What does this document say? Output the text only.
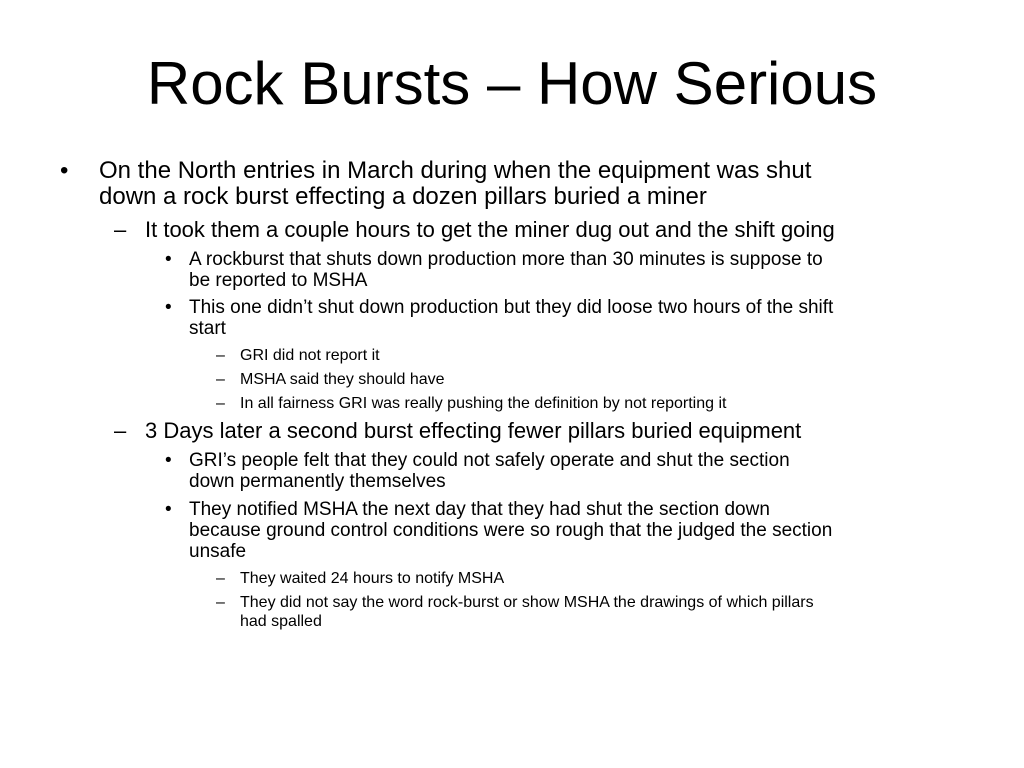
Rock Bursts – How Serious
• On the North entries in March during when the equipment was shut
down a rock burst effecting a dozen pillars buried a miner
– It took them a couple hours to get the miner dug out and the shift going
• A rockburst that shuts down production more than 30 minutes is suppose to
be reported to MSHA
• This one didn’t shut down production but they did loose two hours of the shift
start
– GRI did not report it
– MSHA said they should have
– In all fairness GRI was really pushing the definition by not reporting it
– 3 Days later a second burst effecting fewer pillars buried equipment
• GRI’s people felt that they could not safely operate and shut the section
down permanently themselves
• They notified MSHA the next day that they had shut the section down
because ground control conditions were so rough that the judged the section
unsafe
– They waited 24 hours to notify MSHA
– They did not say the word rock-burst or show MSHA the drawings of which pillars
had spalled
